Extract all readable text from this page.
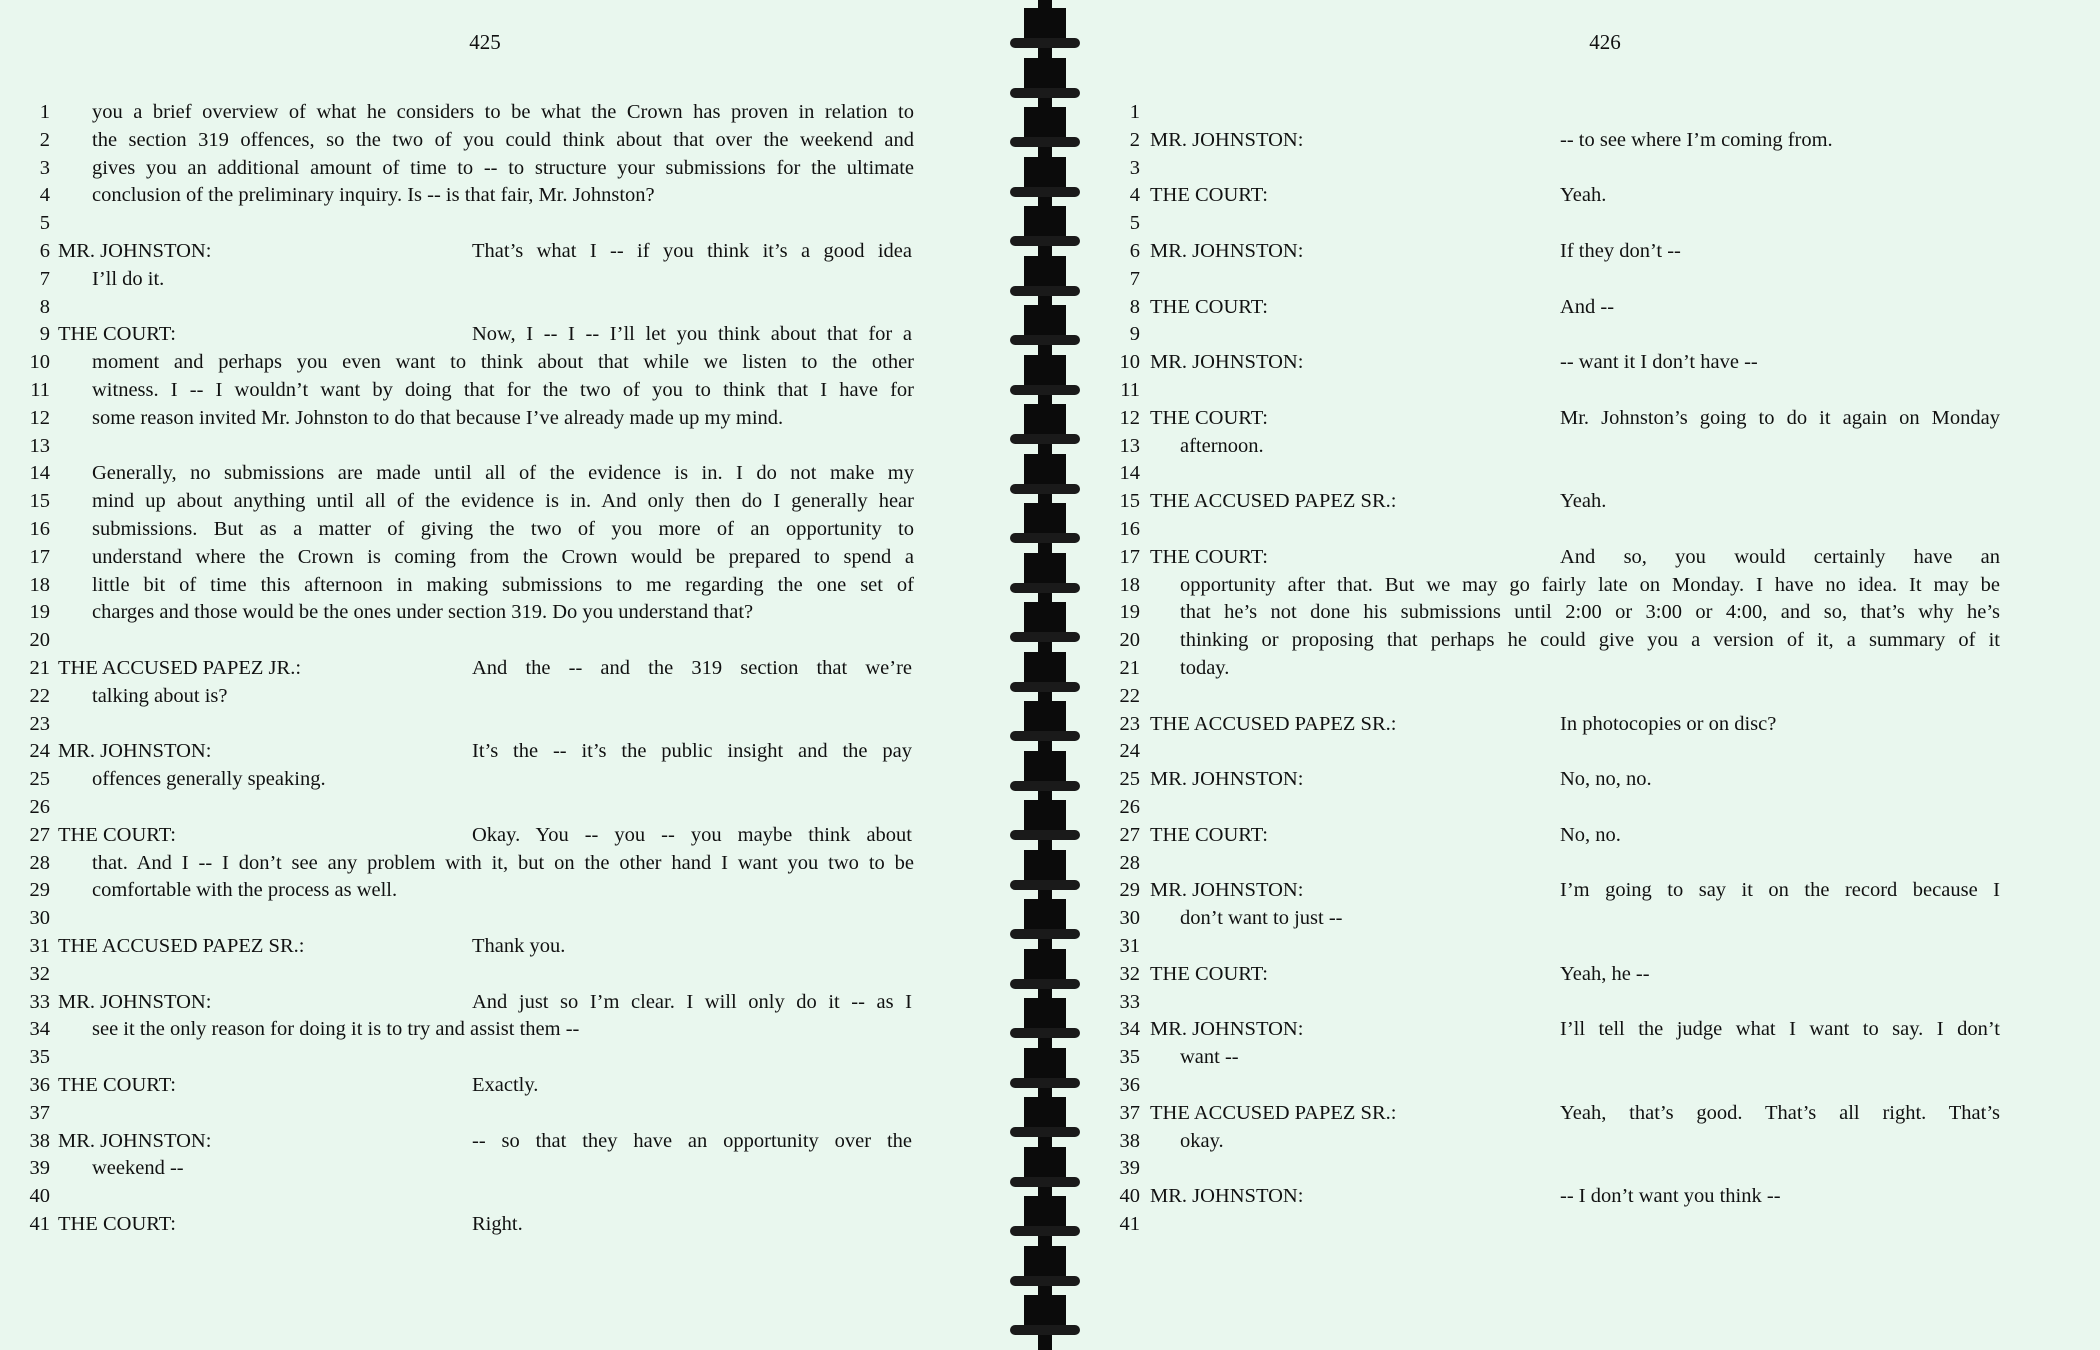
425
1 you a brief overview of what he considers to be what the Crown has proven in relation to
2 the section 319 offences, so the two of you could think about that over the weekend and
3 gives you an additional amount of time to -- to structure your submissions for the ultimate
4 conclusion of the preliminary inquiry. Is -- is that fair, Mr. Johnston?
5
6 MR. JOHNSTON:	That’s what I -- if you think it’s a good idea
7 I’ll do it.
8
9 THE COURT:	Now, I -- I -- I’ll let you think about that for a
10 moment and perhaps you even want to think about that while we listen to the other
11 witness. I -- I wouldn’t want by doing that for the two of you to think that I have for
12 some reason invited Mr. Johnston to do that because I’ve already made up my mind.
13
14 Generally, no submissions are made until all of the evidence is in. I do not make my
15 mind up about anything until all of the evidence is in. And only then do I generally hear
16 submissions. But as a matter of giving the two of you more of an opportunity to
17 understand where the Crown is coming from the Crown would be prepared to spend a
18 little bit of time this afternoon in making submissions to me regarding the one set of
19 charges and those would be the ones under section 319. Do you understand that?
20
21 THE ACCUSED PAPEZ JR.:	And the -- and the 319 section that we’re
22 talking about is?
23
24 MR. JOHNSTON:	It’s the -- it’s the public insight and the pay
25 offences generally speaking.
26
27 THE COURT:	Okay. You -- you -- you maybe think about
28 that. And I -- I don’t see any problem with it, but on the other hand I want you two to be
29 comfortable with the process as well.
30
31 THE ACCUSED PAPEZ SR.:	Thank you.
32
33 MR. JOHNSTON:	And just so I’m clear. I will only do it -- as I
34 see it the only reason for doing it is to try and assist them --
35
36 THE COURT:	Exactly.
37
38 MR. JOHNSTON:	-- so that they have an opportunity over the
39 weekend --
40
41 THE COURT:	Right.
426
1
2 MR. JOHNSTON:	-- to see where I’m coming from.
3
4 THE COURT:	Yeah.
5
6 MR. JOHNSTON:	If they don’t --
7
8 THE COURT:	And --
9
10 MR. JOHNSTON:	-- want it I don’t have --
11
12 THE COURT:	Mr. Johnston’s going to do it again on Monday
13 afternoon.
14
15 THE ACCUSED PAPEZ SR.:	Yeah.
16
17 THE COURT:	And so, you would certainly have an
18 opportunity after that. But we may go fairly late on Monday. I have no idea. It may be
19 that he’s not done his submissions until 2:00 or 3:00 or 4:00, and so, that’s why he’s
20 thinking or proposing that perhaps he could give you a version of it, a summary of it
21 today.
22
23 THE ACCUSED PAPEZ SR.:	In photocopies or on disc?
24
25 MR. JOHNSTON:	No, no, no.
26
27 THE COURT:	No, no.
28
29 MR. JOHNSTON:	I’m going to say it on the record because I
30 don’t want to just --
31
32 THE COURT:	Yeah, he --
33
34 MR. JOHNSTON:	I’ll tell the judge what I want to say. I don’t
35 want --
36
37 THE ACCUSED PAPEZ SR.:	Yeah, that’s good. That’s all right. That’s
38 okay.
39
40 MR. JOHNSTON:	-- I don’t want you think --
41
